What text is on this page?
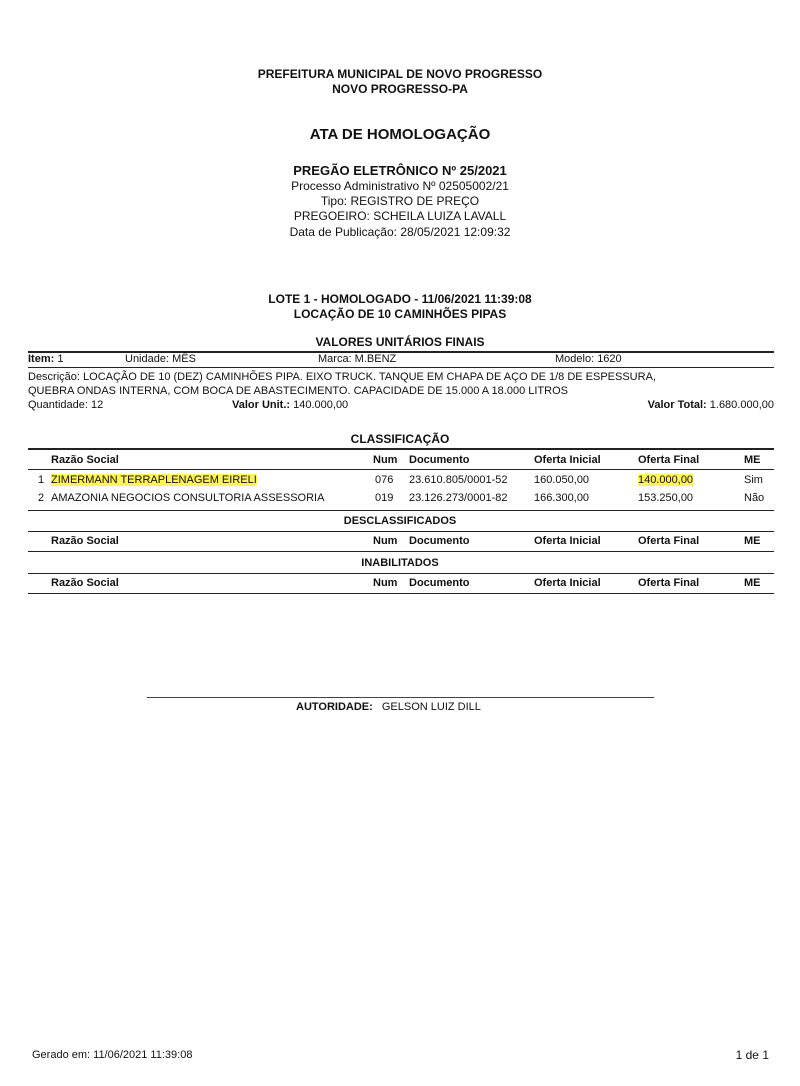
PREFEITURA MUNICIPAL DE NOVO PROGRESSO
NOVO PROGRESSO-PA
ATA DE HOMOLOGAÇÃO
PREGÃO ELETRÔNICO Nº 25/2021
Processo Administrativo Nº 02505002/21
Tipo: REGISTRO DE PREÇO
PREGOEIRO: SCHEILA LUIZA LAVALL
Data de Publicação: 28/05/2021 12:09:32
LOTE 1 - HOMOLOGADO - 11/06/2021 11:39:08
LOCAÇÃO DE 10 CAMINHÕES PIPAS
VALORES UNITÁRIOS FINAIS
Item: 1	Unidade: MÊS	Marca: M.BENZ	Modelo: 1620
Descrição: LOCAÇÃO DE 10 (DEZ) CAMINHÕES PIPA. EIXO TRUCK. TANQUE EM CHAPA DE AÇO DE 1/8 DE ESPESSURA,
QUEBRA ONDAS INTERNA, COM BOCA DE ABASTECIMENTO. CAPACIDADE DE 15.000 A 18.000 LITROS
Quantidade: 12	Valor Unit.: 140.000,00	Valor Total: 1.680.000,00
CLASSIFICAÇÃO
Razão Social	Num Documento	Oferta Inicial	Oferta Final	ME
1 ZIMERMANN TERRAPLENAGEM EIRELI	076 23.610.805/0001-52 160.050,00	140.000,00	Sim
2 AMAZONIA NEGOCIOS CONSULTORIA ASSESSORIA	019 23.126.273/0001-82 166.300,00	153.250,00	Não
DESCLASSIFICADOS
Razão Social	Num Documento	Oferta Inicial	Oferta Final	ME
INABILITADOS
Razão Social	Num Documento	Oferta Inicial	Oferta Final	ME
AUTORIDADE: GELSON LUIZ DILL
Gerado em: 11/06/2021 11:39:08	1 de 1
